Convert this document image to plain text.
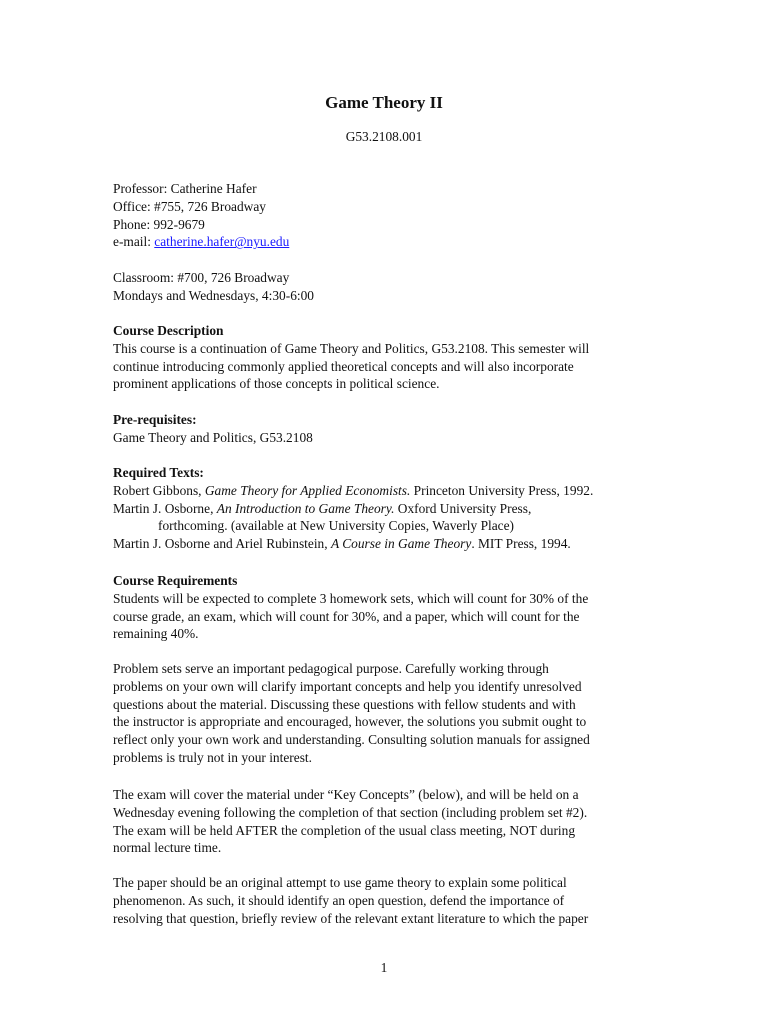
Game Theory II
G53.2108.001
Professor: Catherine Hafer
Office: #755, 726 Broadway
Phone: 992-9679
e-mail: catherine.hafer@nyu.edu
Classroom: #700, 726 Broadway
Mondays and Wednesdays, 4:30-6:00
Course Description
This course is a continuation of Game Theory and Politics, G53.2108. This semester will
continue introducing commonly applied theoretical concepts and will also incorporate
prominent applications of those concepts in political science.
Pre-requisites:
Game Theory and Politics, G53.2108
Required Texts:
Robert Gibbons, Game Theory for Applied Economists. Princeton University Press, 1992.
Martin J. Osborne, An Introduction to Game Theory. Oxford University Press,
forthcoming. (available at New University Copies, Waverly Place)
Martin J. Osborne and Ariel Rubinstein, A Course in Game Theory. MIT Press, 1994.
Course Requirements
Students will be expected to complete 3 homework sets, which will count for 30% of the
course grade, an exam, which will count for 30%, and a paper, which will count for the
remaining 40%.
Problem sets serve an important pedagogical purpose. Carefully working through
problems on your own will clarify important concepts and help you identify unresolved
questions about the material. Discussing these questions with fellow students and with
the instructor is appropriate and encouraged, however, the solutions you submit ought to
reflect only your own work and understanding. Consulting solution manuals for assigned
problems is truly not in your interest.
The exam will cover the material under “Key Concepts” (below), and will be held on a
Wednesday evening following the completion of that section (including problem set #2).
The exam will be held AFTER the completion of the usual class meeting, NOT during
normal lecture time.
The paper should be an original attempt to use game theory to explain some political
phenomenon. As such, it should identify an open question, defend the importance of
resolving that question, briefly review of the relevant extant literature to which the paper
1
